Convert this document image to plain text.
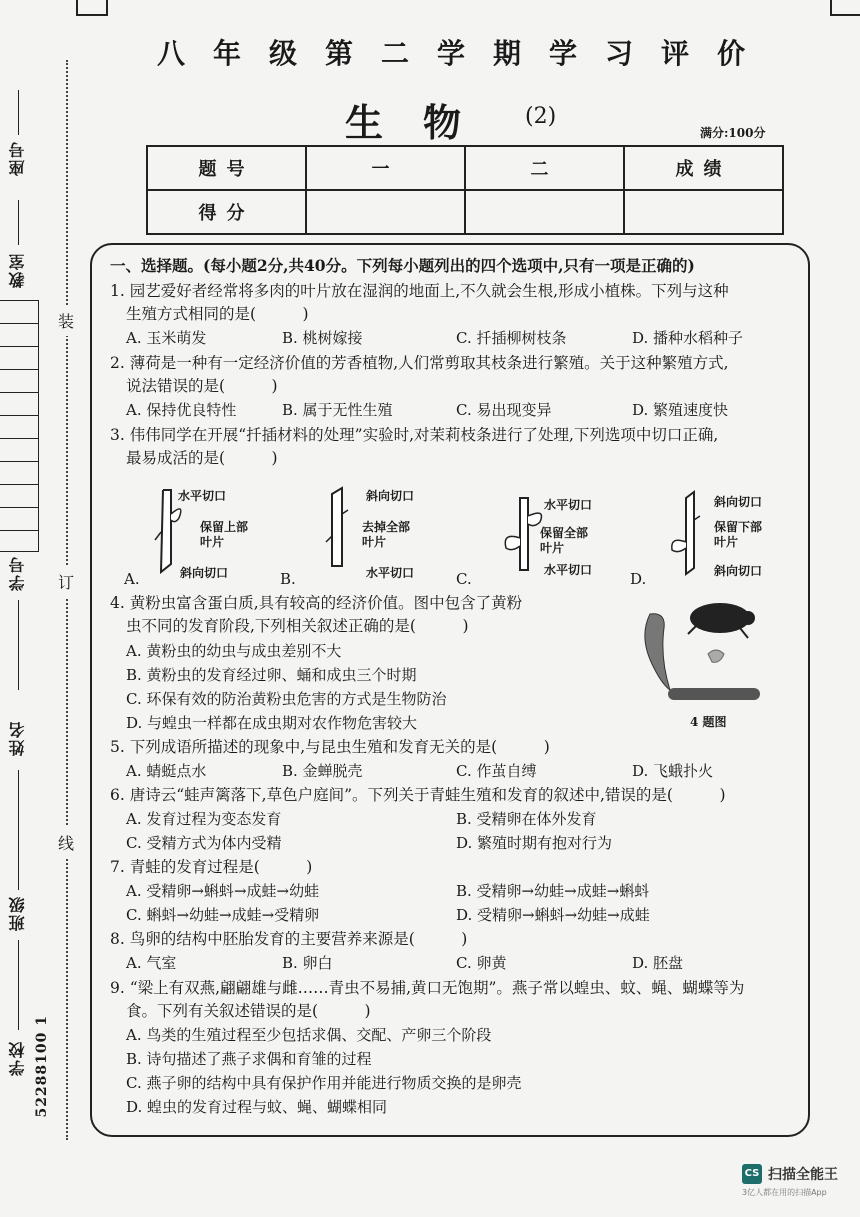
座号
教室
学号
姓名
班级
学校 52288100 1
装
订
线
八年级第二学期学习评价
生物 (2)
满分:100分
题号	一	二	成绩
得分			
一、选择题。(每小题2分,共40分。下列每小题列出的四个选项中,只有一项是正确的)
1. 园艺爱好者经常将多肉的叶片放在湿润的地面上,不久就会生根,形成小植株。下列与这种
生殖方式相同的是(　　　)
A. 玉米萌发	B. 桃树嫁接	C. 扦插柳树枝条	D. 播种水稻种子
2. 薄荷是一种有一定经济价值的芳香植物,人们常剪取其枝条进行繁殖。关于这种繁殖方式,
说法错误的是(　　　)
A. 保持优良特性	B. 属于无性生殖	C. 易出现变异	D. 繁殖速度快
3. 伟伟同学在开展“扦插材料的处理”实验时,对茉莉枝条进行了处理,下列选项中切口正确,
最易成活的是(　　　)
水平切口
保留上部
叶片
斜向切口
A.
斜向切口
去掉全部
叶片
水平切口
B.
水平切口
保留全部
叶片
水平切口
C.
斜向切口
保留下部
叶片
斜向切口
D.
4. 黄粉虫富含蛋白质,具有较高的经济价值。图中包含了黄粉
虫不同的发育阶段,下列相关叙述正确的是(　　　)
A. 黄粉虫的幼虫与成虫差别不大
B. 黄粉虫的发育经过卵、蛹和成虫三个时期
C. 环保有效的防治黄粉虫危害的方式是生物防治
D. 与蝗虫一样都在成虫期对农作物危害较大	4 题图
5. 下列成语所描述的现象中,与昆虫生殖和发育无关的是(　　　)
A. 蜻蜓点水	B. 金蝉脱壳	C. 作茧自缚	D. 飞蛾扑火
6. 唐诗云“蛙声篱落下,草色户庭间”。下列关于青蛙生殖和发育的叙述中,错误的是(　　　)
A. 发育过程为变态发育	B. 受精卵在体外发育
C. 受精方式为体内受精	D. 繁殖时期有抱对行为
7. 青蛙的发育过程是(　　　)
A. 受精卵→蝌蚪→成蛙→幼蛙	B. 受精卵→幼蛙→成蛙→蝌蚪
C. 蝌蚪→幼蛙→成蛙→受精卵	D. 受精卵→蝌蚪→幼蛙→成蛙
8. 鸟卵的结构中胚胎发育的主要营养来源是(　　　)
A. 气室	B. 卵白	C. 卵黄	D. 胚盘
9. “梁上有双燕,翩翩雄与雌……青虫不易捕,黄口无饱期”。燕子常以蝗虫、蚊、蝇、蝴蝶等为
食。下列有关叙述错误的是(　　　)
A. 鸟类的生殖过程至少包括求偶、交配、产卵三个阶段
B. 诗句描述了燕子求偶和育雏的过程
C. 燕子卵的结构中具有保护作用并能进行物质交换的是卵壳
D. 蝗虫的发育过程与蚊、蝇、蝴蝶相同
CS 扫描全能王
3亿人都在用的扫描App
